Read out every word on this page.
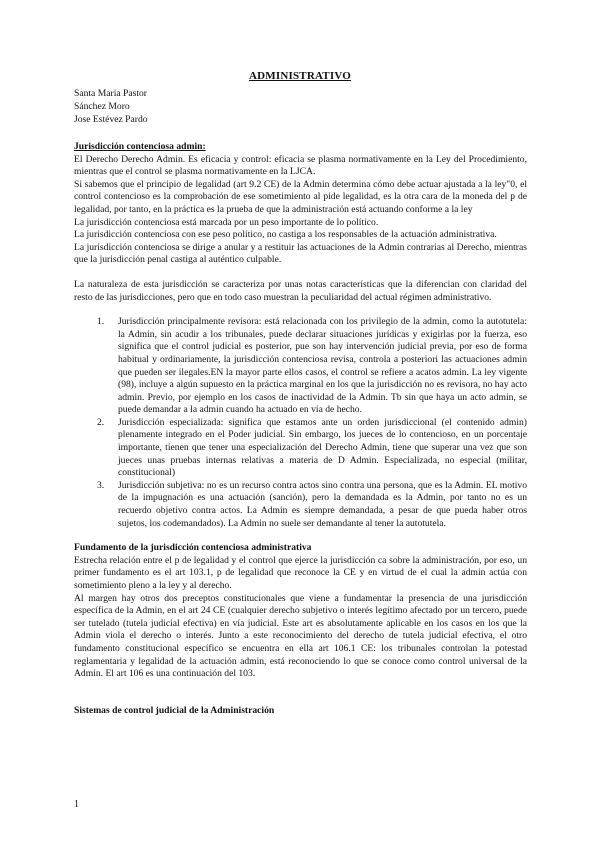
ADMINISTRATIVO
Santa Maria Pastor
Sánchez Moro
Jose Estévez Pardo
Jurisdicción contenciosa admin:

El Derecho Derecho Admin. Es eficacia y control: eficacia se plasma normativamente en la Ley del Procedimiento, mientras que el control se plasma normativamente en la LJCA.

Si sabemos que el principio de legalidad (art 9.2 CE) de la Admin determina cómo debe actuar ajustada a la ley"0, el control contencioso es la comprobación de ese sometimiento al pide legalidad, es la otra cara de la moneda del p de legalidad, por tanto, en la práctica es la prueba de que la administración está actuando conforme a la ley

La jurisdicción contenciosa está marcada por un peso importante de lo político.

La jurisdicción contenciosa con ese peso político, no castiga a los responsables de la actuación administrativa.

La jurisdicción contenciosa se dirige a anular y a restituir las actuaciones de la Admin contrarias al Derecho, mientras que la jurisdicción penal castiga al auténtico culpable.

La naturaleza de esta jurisdicción se caracteriza por unas notas características que la diferencian con claridad del resto de las jurisdicciones, pero que en todo caso muestran la peculiaridad del actual régimen administrativo.

1. Jurisdicción principalmente revisora: está relacionada con los privilegio de la admin, como la autotutela: la Admin, sin acudir a los tribunales, puede declarar situaciones jurídicas y exigirlas por la fuerza, eso significa que el control judicial es posterior, pue son hay intervención judicial previa, por eso de forma habitual y ordinariamente, la jurisdicción contenciosa revisa, controla a posteriori las actuaciones admin que pueden ser ilegales.EN la mayor parte ellos casos, el control se refiere a acatos admin. La ley vigente (98), incluye a algún supuesto en la práctica marginal en los que la jurisdicción no es revisora, no hay acto admin. Previo, por ejemplo en los casos de inactividad de la Admin. Tb sin que haya un acto admin, se puede demandar a la admin cuando ha actuado en vía de hecho.
2. Jurisdicción especializada: significa que estamos ante un orden jurisdiccional (el contenido admin) plenamente integrado en el Poder judicial. Sin embargo, los jueces de lo contencioso, en un porcentaje importante, tienen que tener una especialización del Derecho Admin, tiene que superar una vez que son jueces unas pruebas internas relativas a materia de D Admin. Especializada, no especial (militar, constitucional)
3. Jurisdicción subjetiva: no es un recurso contra actos sino contra una persona, que es la Admin. EL motivo de la impugnación es una actuación (sanción), pero la demandada es la Admin, por tanto no es un recuerdo objetivo contra actos. La Admin es siempre demandada, a pesar de que pueda haber otros sujetos, los codemandados). La Admin no suele ser demandante al tener la autotutela.
Fundamento de la jurisdicción contenciosa administrativa

Estrecha relación entre el p de legalidad y el control que ejerce la jurisdicción ca sobre la administración, por eso, un primer fundamento es el art 103.1, p de legalidad que reconoce la CE y en virtud de el cual la admin actúa con sometimiento pleno a la ley y al derecho.

Al margen hay otros dos preceptos constitucionales que viene a fundamentar la presencia de una jurisdicción específica de la Admin, en el art 24 CE (cualquier derecho subjetivo o interés legítimo afectado por un tercero, puede ser tutelado (tutela judicial efectiva) en vía judicial. Este art es absolutamente aplicable en los casos en los que la Admin viola el derecho o interés. Junto a este reconocimiento del derecho de tutela judicial efectiva, el otro fundamento constitucional específico se encuentra en ella art 106.1 CE: los tribunales controlan la potestad reglamentaria y legalidad de la actuación admin, está reconociendo lo que se conoce como control universal de la Admin. El art 106 es una continuación del 103.

Sistemas de control judicial de la Administración
1
